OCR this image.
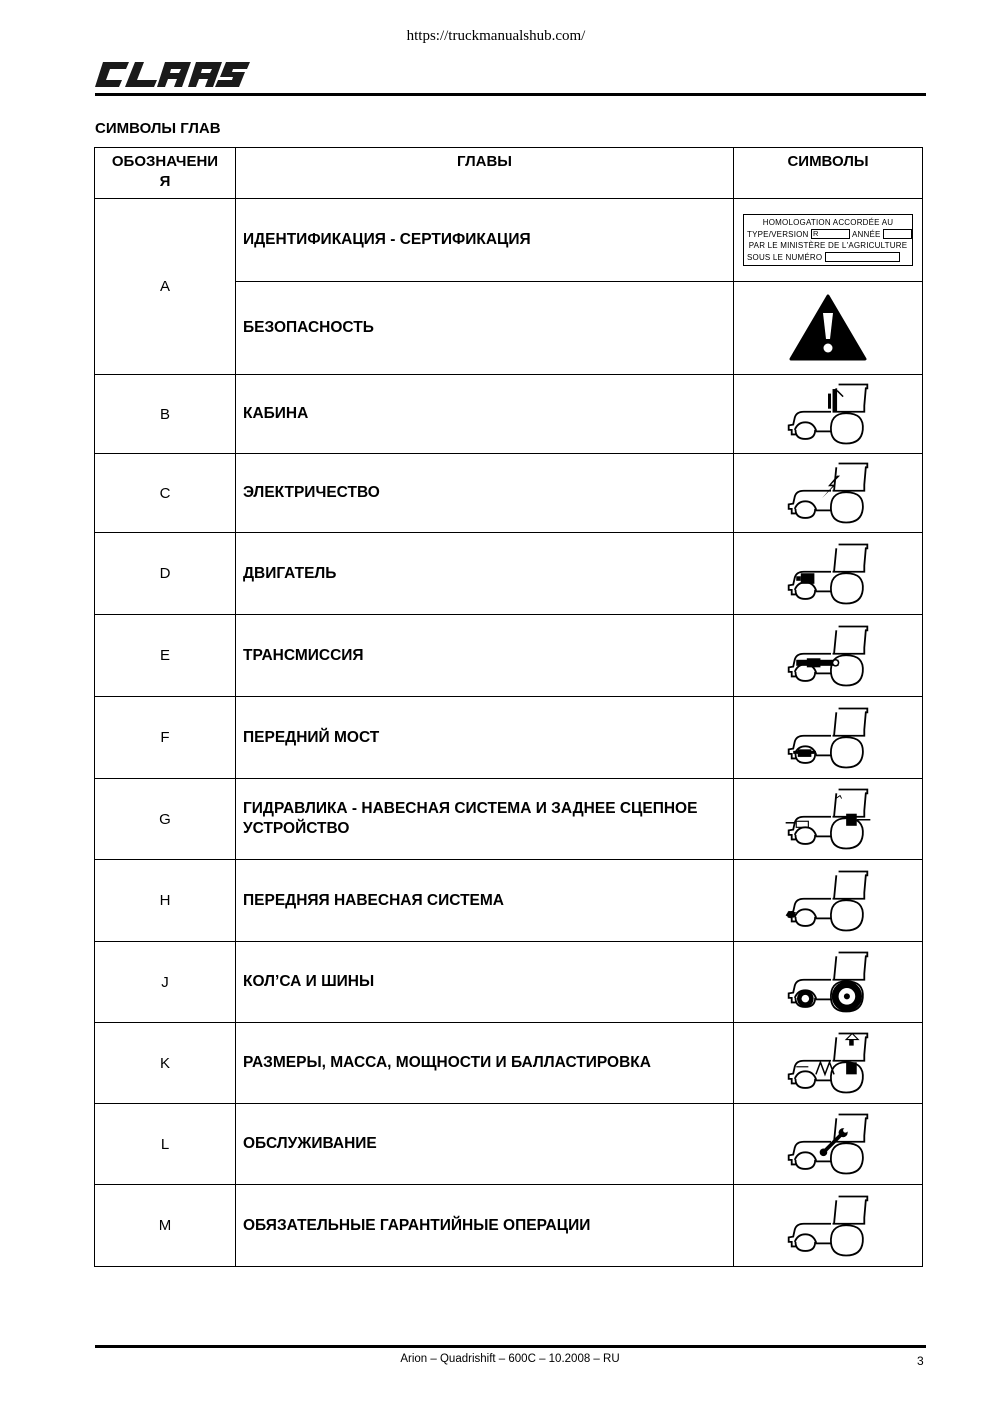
https://truckmanualshub.com/
СИМВОЛЫ ГЛАВ
ОБОЗНАЧЕНИ
Я	ГЛАВЫ	СИМВОЛЫ
A	ИДЕНТИФИКАЦИЯ - СЕРТИФИКАЦИЯ	HOMOLOGATION ACCORDÉE AU
TYPE/VERSION R ANNÉE
PAR LE MINISTÈRE DE L'AGRICULTURE
SOUS LE NUMÉRO

	БЕЗОПАСНОСТЬ	

B	КАБИНА	

C	ЭЛЕКТРИЧЕСТВО	

D	ДВИГАТЕЛЬ	

E	ТРАНСМИССИЯ	

F	ПЕРЕДНИЙ МОСТ	

G	ГИДРАВЛИКА - НАВЕСНАЯ СИСТЕМА И ЗАДНЕЕ СЦЕПНОЕ УСТРОЙСТВО	

H	ПЕРЕДНЯЯ НАВЕСНАЯ СИСТЕМА	

J	КОЛ’СА И ШИНЫ	

K	РАЗМЕРЫ, МАССА, МОЩНОСТИ И БАЛЛАСТИРОВКА	

L	ОБСЛУЖИВАНИЕ	

M	ОБЯЗАТЕЛЬНЫЕ ГАРАНТИЙНЫЕ ОПЕРАЦИИ	
Arion – Quadrishift – 600C – 10.2008 – RU	3
